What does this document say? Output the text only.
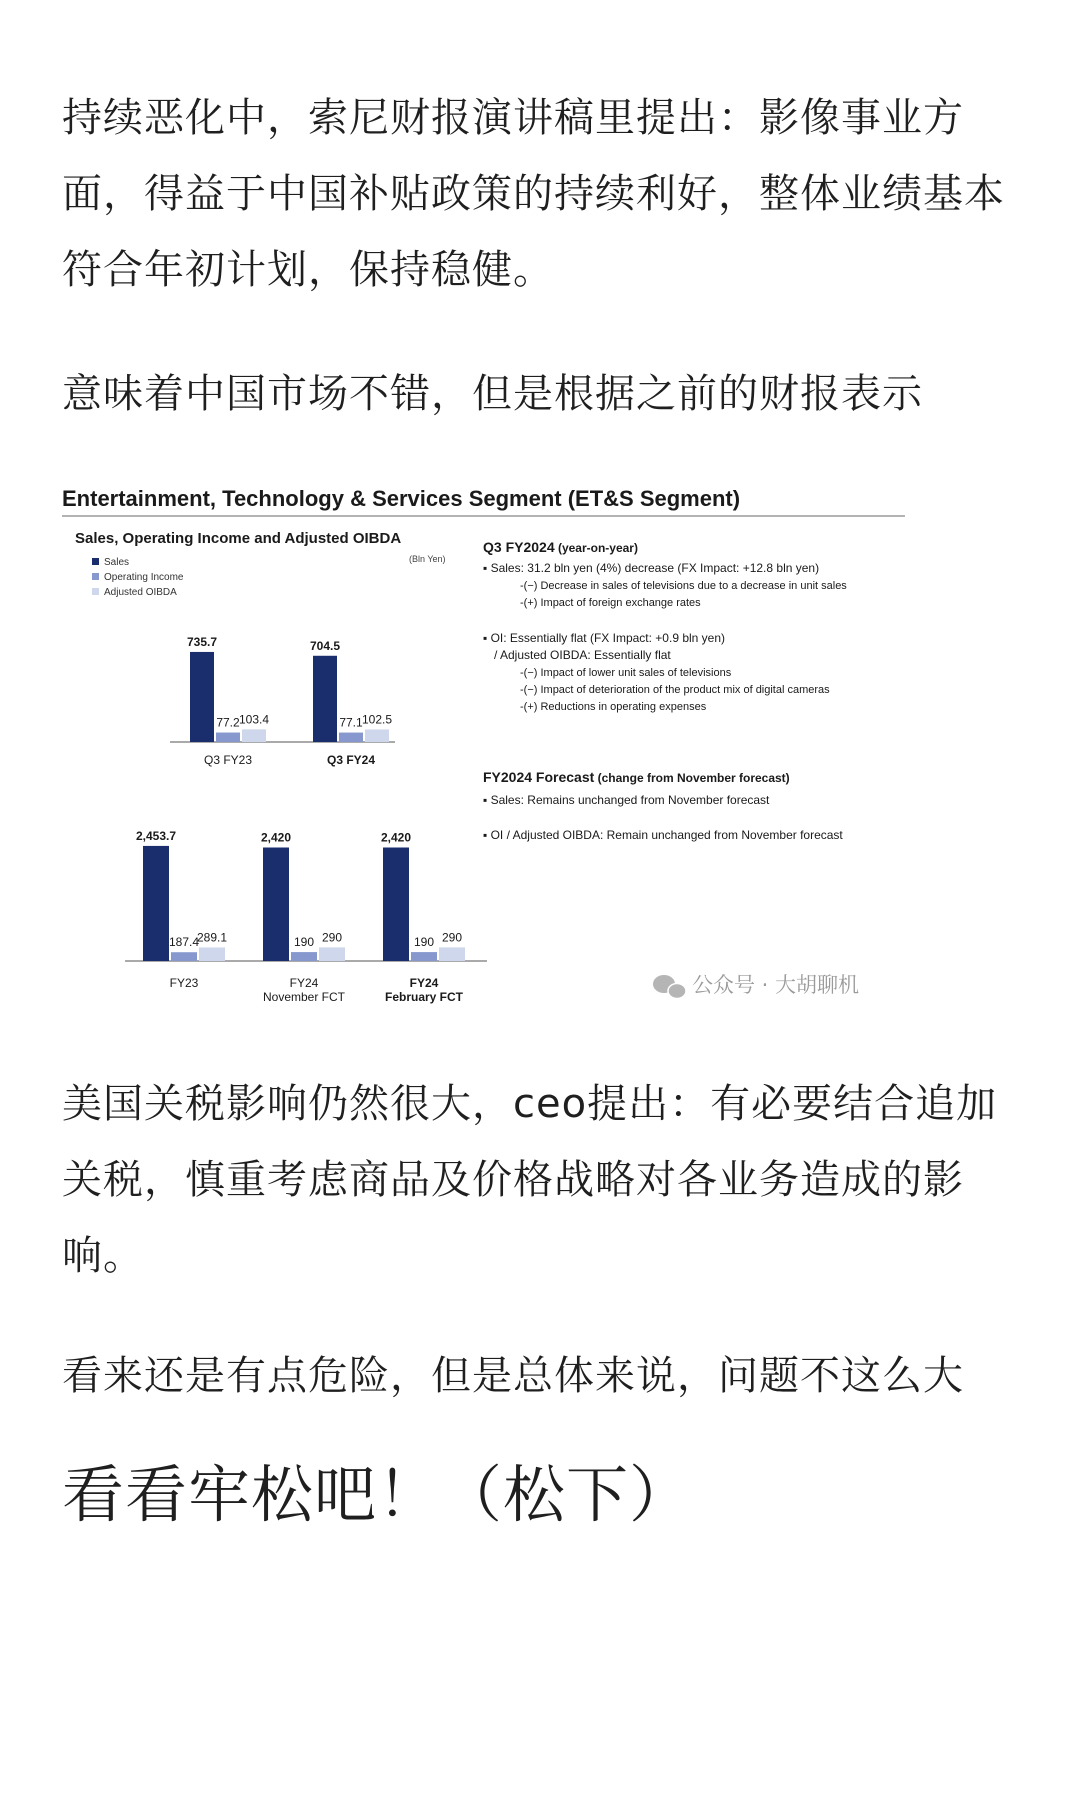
持续恶化中，索尼财报演讲稿里提出：影像事业方面，得益于中国补贴政策的持续利好，整体业绩基本符合年初计划，保持稳健。

意味着中国市场不错，但是根据之前的财报表示

Entertainment, Technology & Services Segment (ET&S Segment)
Sales, Operating Income and Adjusted OIBDA
(Bln Yen)
Sales
Operating Income
Adjusted OIBDA
735.7
77.2 103.4
Q3 FY23
704.5
77.1 102.5
Q3 FY24
2,453.7
187.4
289.1
FY23
2,420
190 290
FY24
November FCT
2,420
190 290
FY24
February FCT
Q3 FY2024 (year-on-year)
▪ Sales: 31.2 bln yen (4%) decrease (FX Impact: +12.8 bln yen)
-(−) Decrease in sales of televisions due to a decrease in unit sales
-(+) Impact of foreign exchange rates
▪ OI: Essentially flat (FX Impact: +0.9 bln yen)
/ Adjusted OIBDA: Essentially flat
-(−) Impact of lower unit sales of televisions
-(−) Impact of deterioration of the product mix of digital cameras
-(+) Reductions in operating expenses
FY2024 Forecast (change from November forecast)
▪ Sales: Remains unchanged from November forecast
▪ OI / Adjusted OIBDA: Remain unchanged from November forecast
公众号 · 大胡聊机

美国关税影响仍然很大，ceo提出：有必要结合追加关税，慎重考虑商品及价格战略对各业务造成的影响。

看来还是有点危险，但是总体来说，问题不这么大

看看牢松吧！（松下）
